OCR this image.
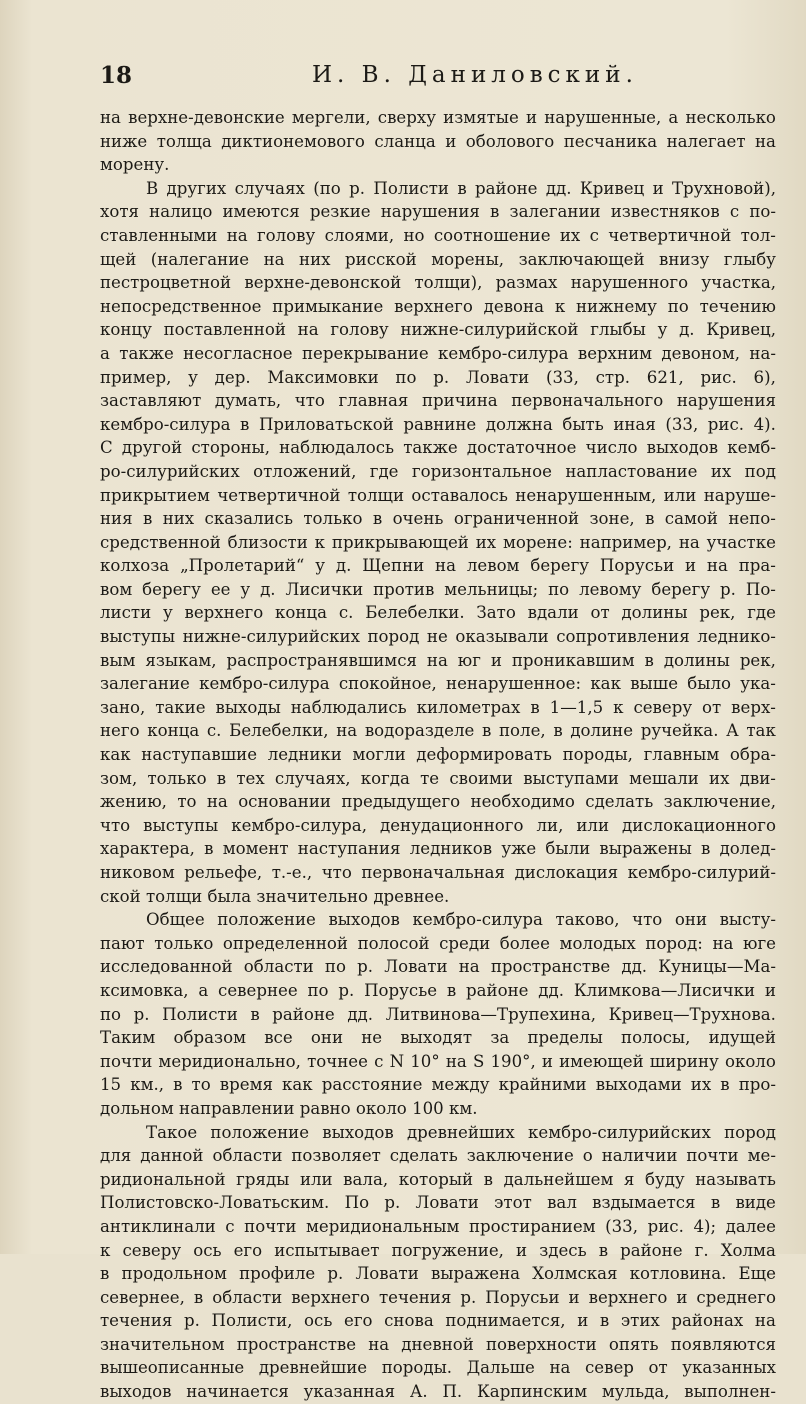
18	И. В. Даниловский.
на верхне-девонские мергели, сверху измятые и нарушенные, а несколько
ниже толща диктионемового сланца и оболового песчаника налегает на
морену.
В других случаях (по р. Полисти в районе дд. Кривец и Трухновой),
хотя налицо имеются резкие нарушения в залегании известняков с по-
ставленными на голову слоями, но соотношение их с четвертичной тол-
щей (налегание на них рисской морены, заключающей внизу глыбу
пестроцветной верхне-девонской толщи), размах нарушенного участка,
непосредственное примыкание верхнего девона к нижнему по течению
концу поставленной на голову нижне-силурийской глыбы у д. Кривец,
а также несогласное перекрывание кембро-силура верхним девоном, на-
пример, у дер. Максимовки по р. Ловати (33, стр. 621, рис. 6),
заставляют думать, что главная причина первоначального нарушения
кембро-силура в Приловатьской равнине должна быть иная (33, рис. 4).
С другой стороны, наблюдалось также достаточное число выходов кемб-
ро-силурийских отложений, где горизонтальное напластование их под
прикрытием четвертичной толщи оставалось ненарушенным, или наруше-
ния в них сказались только в очень ограниченной зоне, в самой непо-
средственной близости к прикрывающей их морене: например, на участке
колхоза „Пролетарий“ у д. Щепни на левом берегу Порусьи и на пра-
вом берегу ее у д. Лисички против мельницы; по левому берегу р. По-
листи у верхнего конца с. Белебелки. Зато вдали от долины рек, где
выступы нижне-силурийских пород не оказывали сопротивления леднико-
вым языкам, распространявшимся на юг и проникавшим в долины рек,
залегание кембро-силура спокойное, ненарушенное: как выше было ука-
зано, такие выходы наблюдались километрах в 1—1,5 к северу от верх-
него конца с. Белебелки, на водоразделе в поле, в долине ручейка. А так
как наступавшие ледники могли деформировать породы, главным обра-
зом, только в тех случаях, когда те своими выступами мешали их дви-
жению, то на основании предыдущего необходимо сделать заключение,
что выступы кембро-силура, денудационного ли, или дислокационного
характера, в момент наступания ледников уже были выражены в долед-
никовом рельефе, т.-е., что первоначальная дислокация кембро-силурий-
ской толщи была значительно древнее.
Общее положение выходов кембро-силура таково, что они высту-
пают только определенной полосой среди более молодых пород: на юге
исследованной области по р. Ловати на пространстве дд. Куницы—Ма-
ксимовка, а севернее по р. Порусье в районе дд. Климкова—Лисички и
по р. Полисти в районе дд. Литвинова—Трупехина, Кривец—Трухнова.
Таким образом все они не выходят за пределы полосы, идущей
почти меридионально, точнее с N 10° на S 190°, и имеющей ширину около
15 км., в то время как расстояние между крайними выходами их в про-
дольном направлении равно около 100 км.
Такое положение выходов древнейших кембро-силурийских пород
для данной области позволяет сделать заключение о наличии почти ме-
ридиональной гряды или вала, который в дальнейшем я буду называть
Полистовско-Ловатьским. По р. Ловати этот вал вздымается в виде
антиклинали с почти меридиональным простиранием (33, рис. 4); далее
к северу ось его испытывает погружение, и здесь в районе г. Холма
в продольном профиле р. Ловати выражена Холмская котловина. Еще
севернее, в области верхнего течения р. Порусьи и верхнего и среднего
течения р. Полисти, ось его снова поднимается, и в этих районах на
значительном пространстве на дневной поверхности опять появляются
вышеописанные древнейшие породы. Дальше на север от указанных
выходов начинается указанная А. П. Карпинским мульда, выполнен-
